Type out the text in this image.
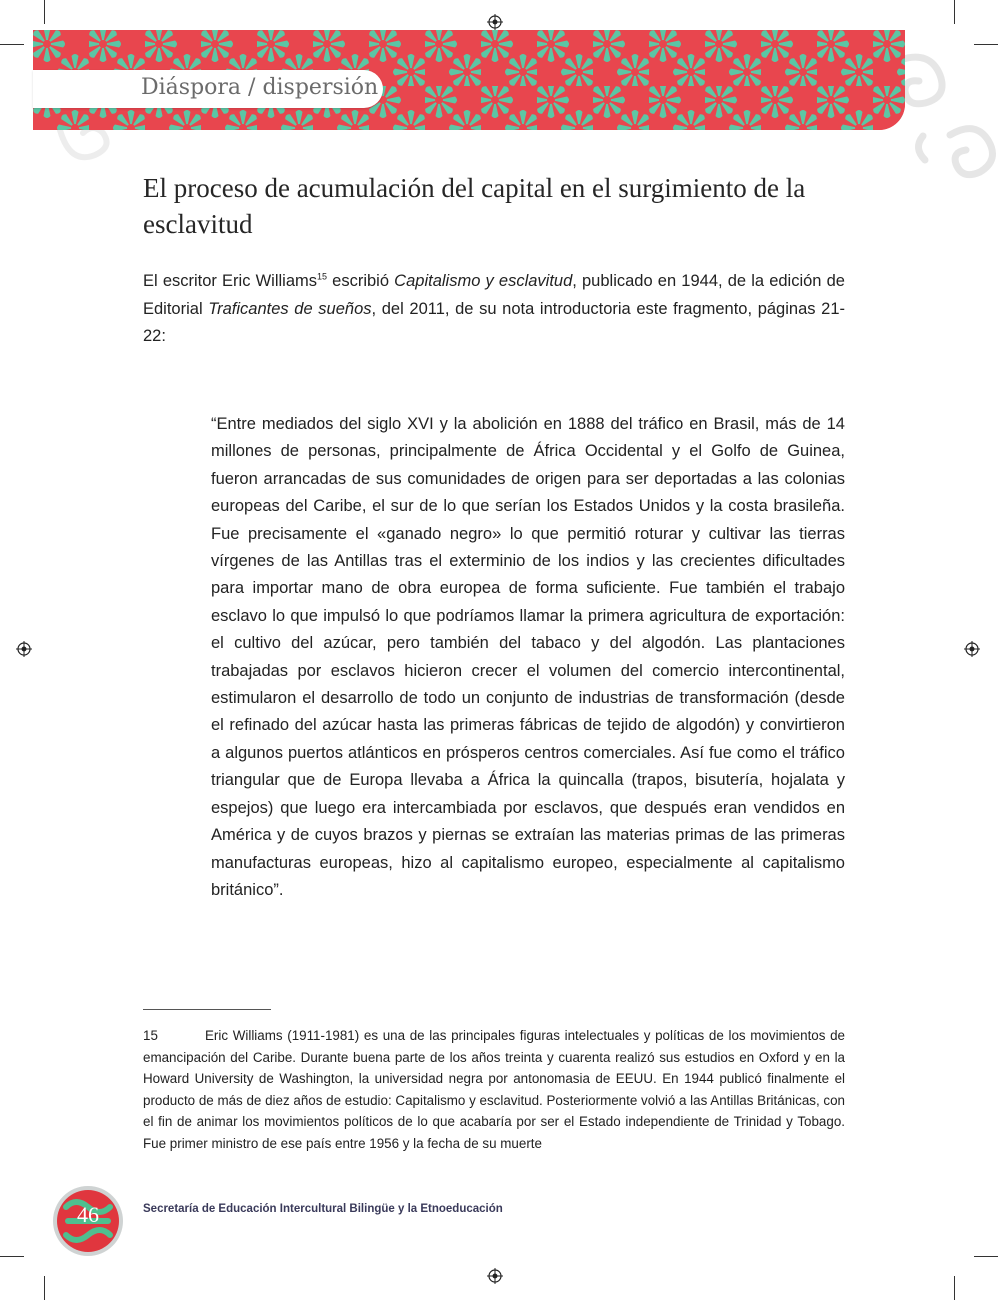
Diáspora / dispersión
El proceso de acumulación del capital en el surgimiento de la esclavitud

El escritor Eric Williams$^{15}$ escribió Capitalismo y esclavitud, publicado en 1944, de la edición de Editorial Traficantes de sueños, del 2011, de su nota introductoria este fragmento, páginas 21-22:

“Entre mediados del siglo XVI y la abolición en 1888 del tráfico en Brasil, más de 14 millones de personas, principalmente de África Occidental y el Golfo de Guinea, fueron arrancadas de sus comunidades de origen para ser deportadas a las colonias europeas del Caribe, el sur de lo que serían los Estados Unidos y la costa brasileña. Fue precisamente el «ganado negro» lo que permitió roturar y cultivar las tierras vírgenes de las Antillas tras el exterminio de los indios y las crecientes dificultades para importar mano de obra europea de forma suficiente. Fue también el trabajo esclavo lo que impulsó lo que podríamos llamar la primera agricultura de exportación: el cultivo del azúcar, pero también del tabaco y del algodón. Las plantaciones trabajadas por esclavos hicieron crecer el volumen del comercio intercontinental, estimularon el desarrollo de todo un conjunto de industrias de transformación (desde el refinado del azúcar hasta las primeras fábricas de tejido de algodón) y convirtieron a algunos puertos atlánticos en prósperos centros comerciales. Así fue como el tráfico triangular que de Europa llevaba a África la quincalla (trapos, bisutería, hojalata y espejos) que luego era intercambiada por esclavos, que después eran vendidos en América y de cuyos brazos y piernas se extraían las materias primas de las primeras manufacturas europeas, hizo al capitalismo europeo, especialmente al capitalismo británico”.

15	Eric Williams (1911-1981) es una de las principales figuras intelectuales y políticas de los movimientos de emancipación del Caribe. Durante buena parte de los años treinta y cuarenta realizó sus estudios en Oxford y en la Howard University de Washington, la universidad negra por antonomasia de EEUU. En 1944 publicó finalmente el producto de más de diez años de estudio: Capitalismo y esclavitud. Posteriormente volvió a las Antillas Británicas, con el fin de animar los movimientos políticos de lo que acabaría por ser el Estado independiente de Trinidad y Tobago. Fue primer ministro de ese país entre 1956 y la fecha de su muerte

46	Secretaría de Educación Intercultural Bilingüe y la Etnoeducación
